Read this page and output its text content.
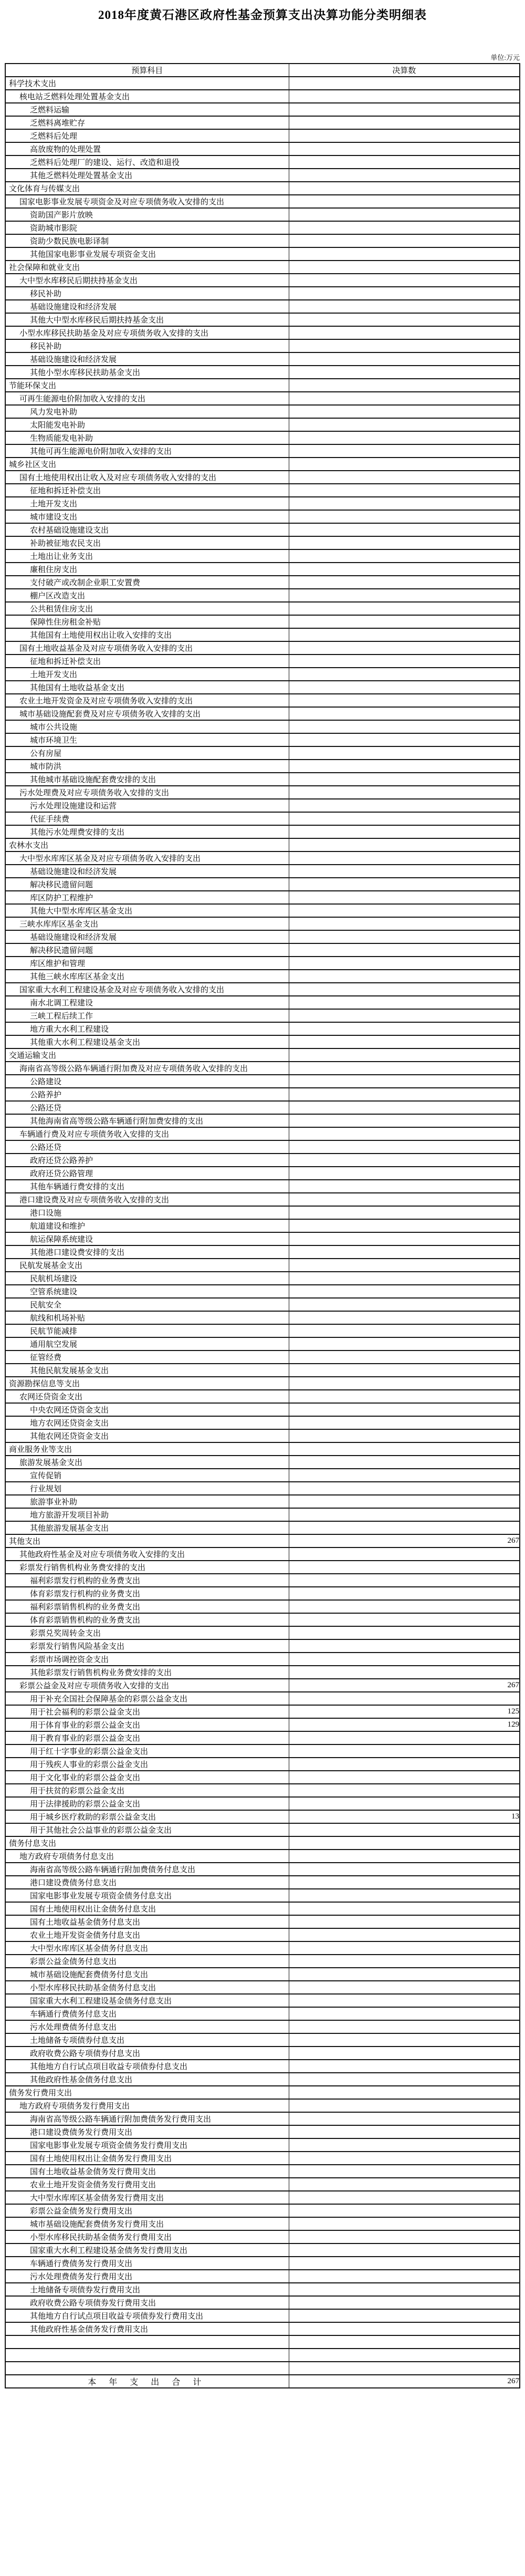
2018年度黄石港区政府性基金预算支出决算功能分类明细表
单位:万元
预算科目	决算数
科学技术支出	
核电站乏燃料处理处置基金支出	
乏燃料运输	
乏燃料离堆贮存	
乏燃料后处理	
高放废物的处理处置	
乏燃料后处理厂的建设、运行、改造和退役	
其他乏燃料处理处置基金支出	
文化体育与传媒支出	
国家电影事业发展专项资金及对应专项债务收入安排的支出	
资助国产影片放映	
资助城市影院	
资助少数民族电影译制	
其他国家电影事业发展专项资金支出	
社会保障和就业支出	
大中型水库移民后期扶持基金支出	
移民补助	
基础设施建设和经济发展	
其他大中型水库移民后期扶持基金支出	
小型水库移民扶助基金及对应专项债务收入安排的支出	
移民补助	
基础设施建设和经济发展	
其他小型水库移民扶助基金支出	
节能环保支出	
可再生能源电价附加收入安排的支出	
风力发电补助	
太阳能发电补助	
生物质能发电补助	
其他可再生能源电价附加收入安排的支出	
城乡社区支出	
国有土地使用权出让收入及对应专项债务收入安排的支出	
征地和拆迁补偿支出	
土地开发支出	
城市建设支出	
农村基础设施建设支出	
补助被征地农民支出	
土地出让业务支出	
廉租住房支出	
支付破产或改制企业职工安置费	
棚户区改造支出	
公共租赁住房支出	
保障性住房租金补贴	
其他国有土地使用权出让收入安排的支出	
国有土地收益基金及对应专项债务收入安排的支出	
征地和拆迁补偿支出	
土地开发支出	
其他国有土地收益基金支出	
农业土地开发资金及对应专项债务收入安排的支出	
城市基础设施配套费及对应专项债务收入安排的支出	
城市公共设施	
城市环境卫生	
公有房屋	
城市防洪	
其他城市基础设施配套费安排的支出	
污水处理费及对应专项债务收入安排的支出	
污水处理设施建设和运营	
代征手续费	
其他污水处理费安排的支出	
农林水支出	
大中型水库库区基金及对应专项债务收入安排的支出	
基础设施建设和经济发展	
解决移民遗留问题	
库区防护工程维护	
其他大中型水库库区基金支出	
三峡水库库区基金支出	
基础设施建设和经济发展	
解决移民遗留问题	
库区维护和管理	
其他三峡水库库区基金支出	
国家重大水利工程建设基金及对应专项债务收入安排的支出	
南水北调工程建设	
三峡工程后续工作	
地方重大水利工程建设	
其他重大水利工程建设基金支出	
交通运输支出	
海南省高等级公路车辆通行附加费及对应专项债务收入安排的支出	
公路建设	
公路养护	
公路还贷	
其他海南省高等级公路车辆通行附加费安排的支出	
车辆通行费及对应专项债务收入安排的支出	
公路还贷	
政府还贷公路养护	
政府还贷公路管理	
其他车辆通行费安排的支出	
港口建设费及对应专项债务收入安排的支出	
港口设施	
航道建设和维护	
航运保障系统建设	
其他港口建设费安排的支出	
民航发展基金支出	
民航机场建设	
空管系统建设	
民航安全	
航线和机场补贴	
民航节能减排	
通用航空发展	
征管经费	
其他民航发展基金支出	
资源勘探信息等支出	
农网还贷资金支出	
中央农网还贷资金支出	
地方农网还贷资金支出	
其他农网还贷资金支出	
商业服务业等支出	
旅游发展基金支出	
宣传促销	
行业规划	
旅游事业补助	
地方旅游开发项目补助	
其他旅游发展基金支出	
其他支出	267
其他政府性基金及对应专项债务收入安排的支出	
彩票发行销售机构业务费安排的支出	
福利彩票发行机构的业务费支出	
体育彩票发行机构的业务费支出	
福利彩票销售机构的业务费支出	
体育彩票销售机构的业务费支出	
彩票兑奖周转金支出	
彩票发行销售风险基金支出	
彩票市场调控资金支出	
其他彩票发行销售机构业务费安排的支出	
彩票公益金及对应专项债务收入安排的支出	267
用于补充全国社会保障基金的彩票公益金支出	
用于社会福利的彩票公益金支出	125
用于体育事业的彩票公益金支出	129
用于教育事业的彩票公益金支出	
用于红十字事业的彩票公益金支出	
用于残疾人事业的彩票公益金支出	
用于文化事业的彩票公益金支出	
用于扶贫的彩票公益金支出	
用于法律援助的彩票公益金支出	
用于城乡医疗救助的彩票公益金支出	13
用于其他社会公益事业的彩票公益金支出	
债务付息支出	
地方政府专项债务付息支出	
海南省高等级公路车辆通行附加费债务付息支出	
港口建设费债务付息支出	
国家电影事业发展专项资金债务付息支出	
国有土地使用权出让金债务付息支出	
国有土地收益基金债务付息支出	
农业土地开发资金债务付息支出	
大中型水库库区基金债务付息支出	
彩票公益金债务付息支出	
城市基础设施配套费债务付息支出	
小型水库移民扶助基金债务付息支出	
国家重大水利工程建设基金债务付息支出	
车辆通行费债务付息支出	
污水处理费债务付息支出	
土地储备专项债券付息支出	
政府收费公路专项债券付息支出	
其他地方自行试点项目收益专项债券付息支出	
其他政府性基金债务付息支出	
债务发行费用支出	
地方政府专项债务发行费用支出	
海南省高等级公路车辆通行附加费债务发行费用支出	
港口建设费债务发行费用支出	
国家电影事业发展专项资金债务发行费用支出	
国有土地使用权出让金债务发行费用支出	
国有土地收益基金债务发行费用支出	
农业土地开发资金债务发行费用支出	
大中型水库库区基金债务发行费用支出	
彩票公益金债务发行费用支出	
城市基础设施配套费债务发行费用支出	
小型水库移民扶助基金债务发行费用支出	
国家重大水利工程建设基金债务发行费用支出	
车辆通行费债务发行费用支出	
污水处理费债务发行费用支出	
土地储备专项债券发行费用支出	
政府收费公路专项债券发行费用支出	
其他地方自行试点项目收益专项债券发行费用支出	
其他政府性基金债务发行费用支出	

本 年 支 出 合 计	267
